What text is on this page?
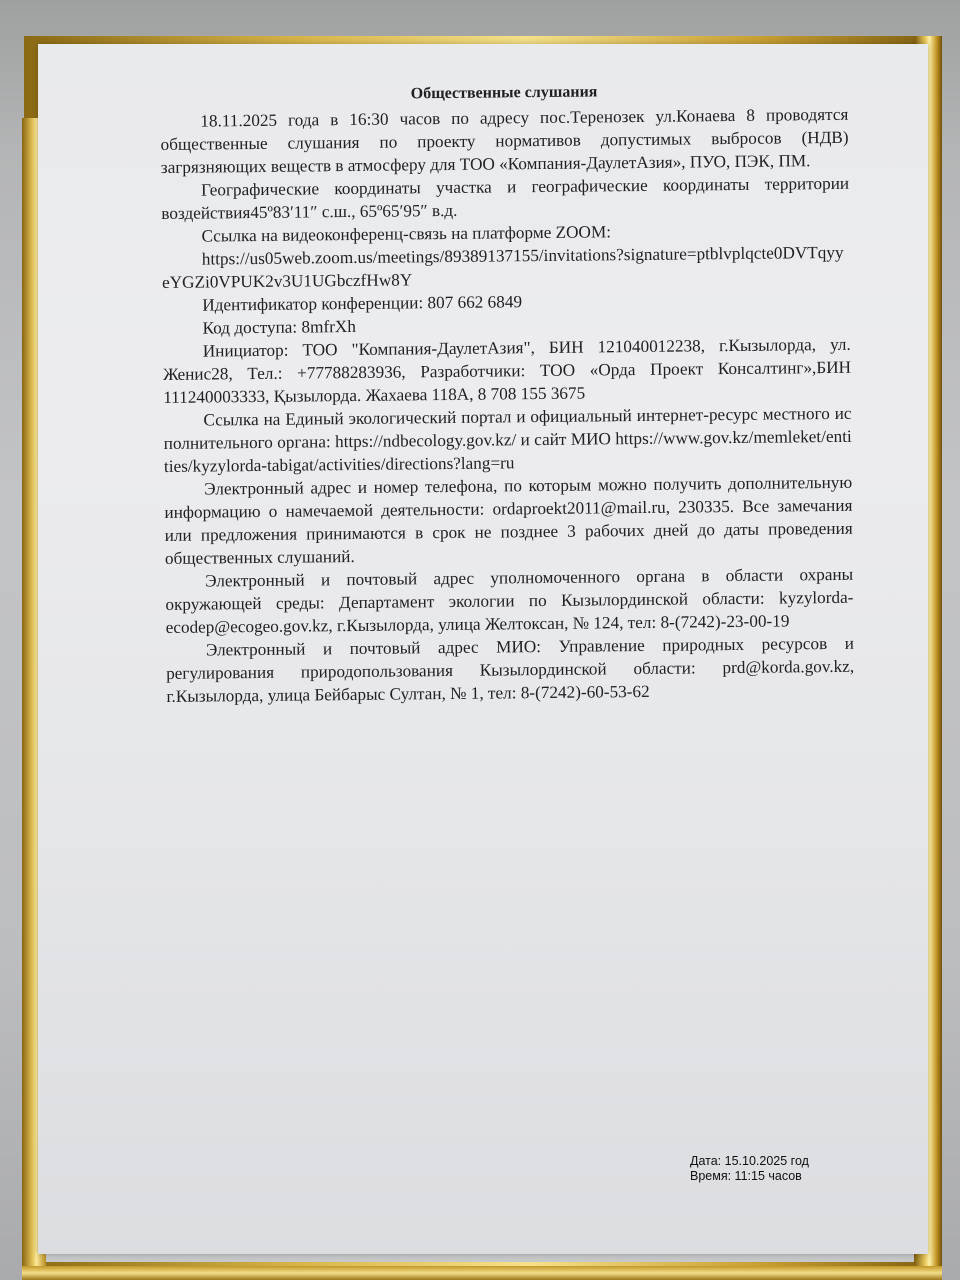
Общественные слушания

18.11.2025 года в 16:30 часов по адресу пос.Теренозек ул.Конаева 8 проводятся общественные слушания по проекту нормативов допустимых выбросов (НДВ) загрязняющих веществ в атмосферу для ТОО «Компания-ДаулетАзия», ПУО, ПЭК, ПМ.

Географические координаты участка и географические координаты территории воздействия45º83′11″ с.ш., 65º65′95″ в.д.

Ссылка на видеоконференц-связь на платформе ZOOM:

https://us05web.zoom.us/meetings/89389137155/invitations?signature=ptblvplqcte0DVTqyyeYGZi0VPUK2v3U1UGbczfHw8Y

Идентификатор конференции: 807 662 6849

Код доступа: 8mfrXh

Инициатор: ТОО "Компания-ДаулетАзия", БИН 121040012238, г.Кызылорда, ул. Женис28, Тел.: +77788283936, Разработчики: ТОО «Орда Проект Консалтинг»,БИН 111240003333, Қызылорда. Жахаева 118А, 8 708 155 3675

Ссылка на Единый экологический портал и официальный интернет-ресурс местного исполнительного органа: https://ndbecology.gov.kz/ и сайт МИО https://www.gov.kz/memleket/entities/kyzylorda-tabigat/activities/directions?lang=ru

Электронный адрес и номер телефона, по которым можно получить дополнительную информацию о намечаемой деятельности: ordaproekt2011@mail.ru, 230335. Все замечания или предложения принимаются в срок не позднее 3 рабочих дней до даты проведения общественных слушаний.

Электронный и почтовый адрес уполномоченного органа в области охраны окружающей среды: Департамент экологии по Кызылординской области: kyzylorda-ecodep@ecogeo.gov.kz, г.Кызылорда, улица Желтоксан, № 124, тел: 8-(7242)-23-00-19

Электронный и почтовый адрес МИО: Управление природных ресурсов и регулирования природопользования Кызылординской области: prd@korda.gov.kz, г.Кызылорда, улица Бейбарыс Султан, № 1, тел: 8-(7242)-60-53-62

Дата: 15.10.2025 год
Время: 11:15 часов
